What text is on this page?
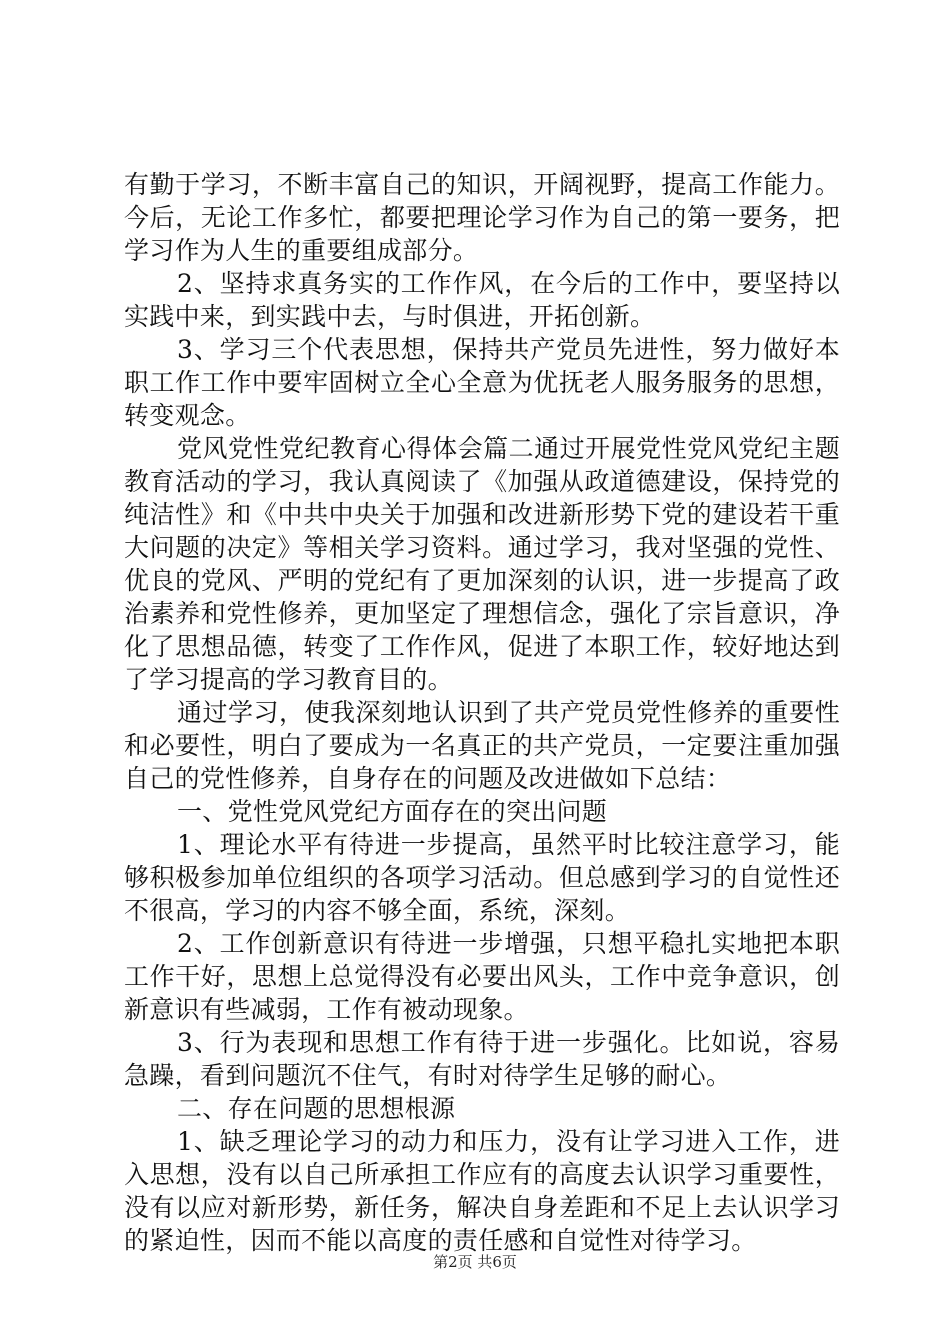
有勤于学习，不断丰富自己的知识，开阔视野，提高工作能力。今后，无论工作多忙，都要把理论学习作为自己的第一要务，把学习作为人生的重要组成部分。

2、坚持求真务实的工作作风，在今后的工作中，要坚持以实践中来，到实践中去，与时俱进，开拓创新。

3、学习三个代表思想，保持共产党员先进性，努力做好本职工作工作中要牢固树立全心全意为优抚老人服务服务的思想，转变观念。

党风党性党纪教育心得体会篇二通过开展党性党风党纪主题教育活动的学习，我认真阅读了《加强从政道德建设，保持党的纯洁性》和《中共中央关于加强和改进新形势下党的建设若干重大问题的决定》等相关学习资料。通过学习，我对坚强的党性、优良的党风、严明的党纪有了更加深刻的认识，进一步提高了政治素养和党性修养，更加坚定了理想信念，强化了宗旨意识，净化了思想品德，转变了工作作风，促进了本职工作，较好地达到了学习提高的学习教育目的。

通过学习，使我深刻地认识到了共产党员党性修养的重要性和必要性，明白了要成为一名真正的共产党员，一定要注重加强自己的党性修养，自身存在的问题及改进做如下总结：

一、党性党风党纪方面存在的突出问题

1、理论水平有待进一步提高，虽然平时比较注意学习，能够积极参加单位组织的各项学习活动。但总感到学习的自觉性还不很高，学习的内容不够全面，系统，深刻。

2、工作创新意识有待进一步增强，只想平稳扎实地把本职工作干好，思想上总觉得没有必要出风头，工作中竞争意识，创新意识有些减弱，工作有被动现象。

3、行为表现和思想工作有待于进一步强化。比如说，容易急躁，看到问题沉不住气，有时对待学生足够的耐心。

二、存在问题的思想根源

1、缺乏理论学习的动力和压力，没有让学习进入工作，进入思想，没有以自己所承担工作应有的高度去认识学习重要性，没有以应对新形势，新任务，解决自身差距和不足上去认识学习的紧迫性，因而不能以高度的责任感和自觉性对待学习。

第2页 共6页
